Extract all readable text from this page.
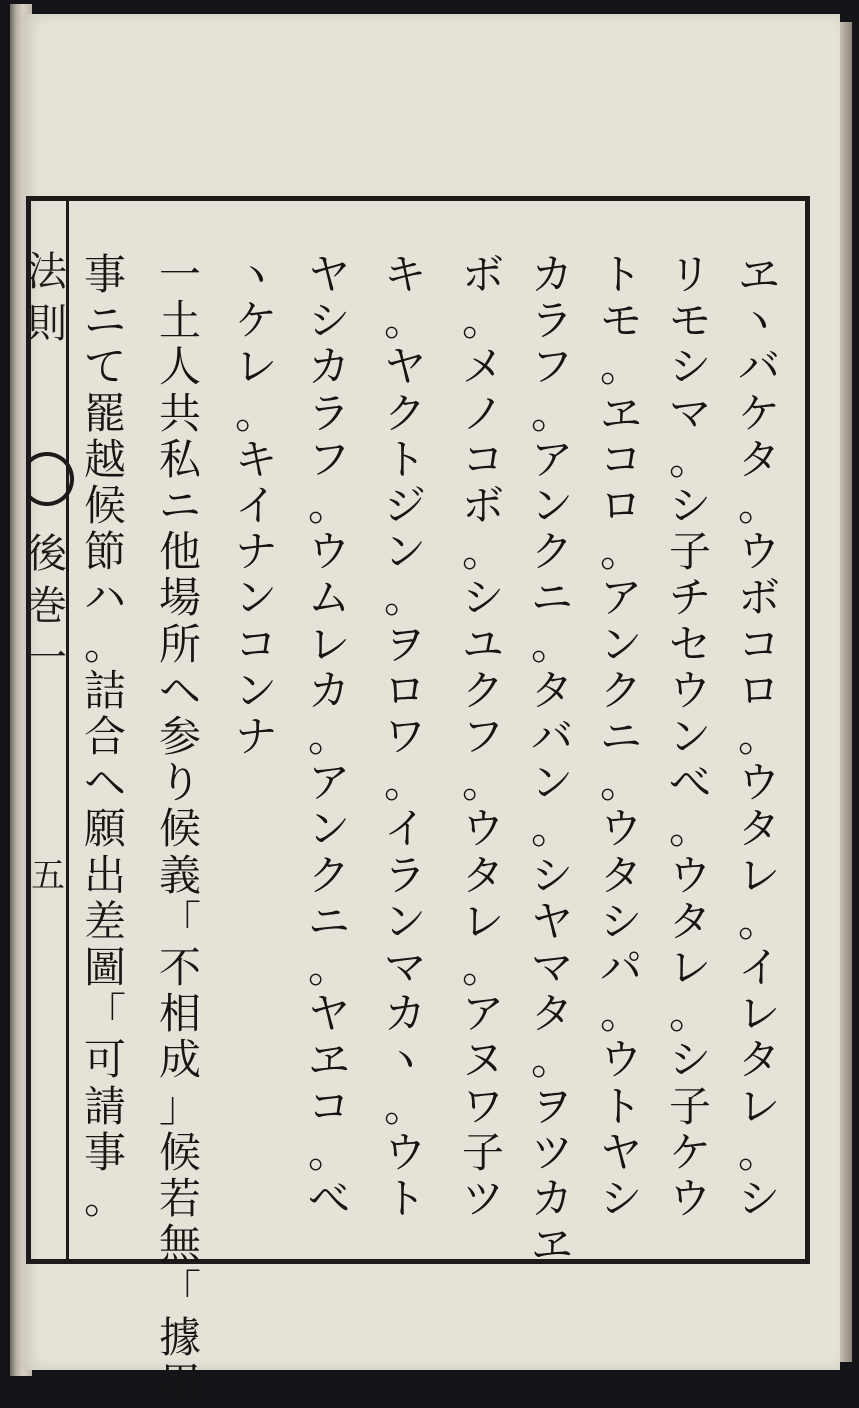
法
則
後
巻
一
五
ヱ
ヽ
バ
ケ
タ
。
ウ
ボ
コ
ロ
。
ウ
タ
レ
。
イ
レ
タ
レ
。
シ
リ
モ
シ
マ
。
シ
子
チ
セ
ウ
ン
べ
。
ウ
タ
レ
。
シ
子
ケ
ウ
ト
モ
。
ヱ
コ
ロ
。
ア
ン
ク
ニ
。
ウ
タ
シ
パ
。
ウ
ト
ヤ
シ
カ
ラ
フ
。
ア
ン
ク
ニ
。
タ
バ
ン
。
シ
ヤ
マ
タ
。
ヲ
ツ
カ
ヱ
ボ
。
メ
ノ
コ
ボ
。
シ
ユ
ク
フ
。
ウ
タ
レ
。
ア
ヌ
ワ
子
ツ
キ
。
ヤ
ク
ト
ジ
ン
。
ヲ
ロ
ワ
。
イ
ラ
ン
マ
カ
ヽ
。
ウ
ト
ヤ
シ
カ
ラ
フ
。
ウ
ム
レ
カ
。
ア
ン
ク
ニ
。
ヤ
ヱ
コ
。
べ
ヽ
ケ
レ
。
キ
イ
ナ
ン
コ
ン
ナ
一
土
人
共
私
ニ
他
場
所
ヘ
参
り
候
義
「
不
相
成
」
候
若
無
「
據
用
事
ニ
て
罷
越
候
節
ハ
。
詰
合
ヘ
願
出
差
圖
「
可
請
事
。
